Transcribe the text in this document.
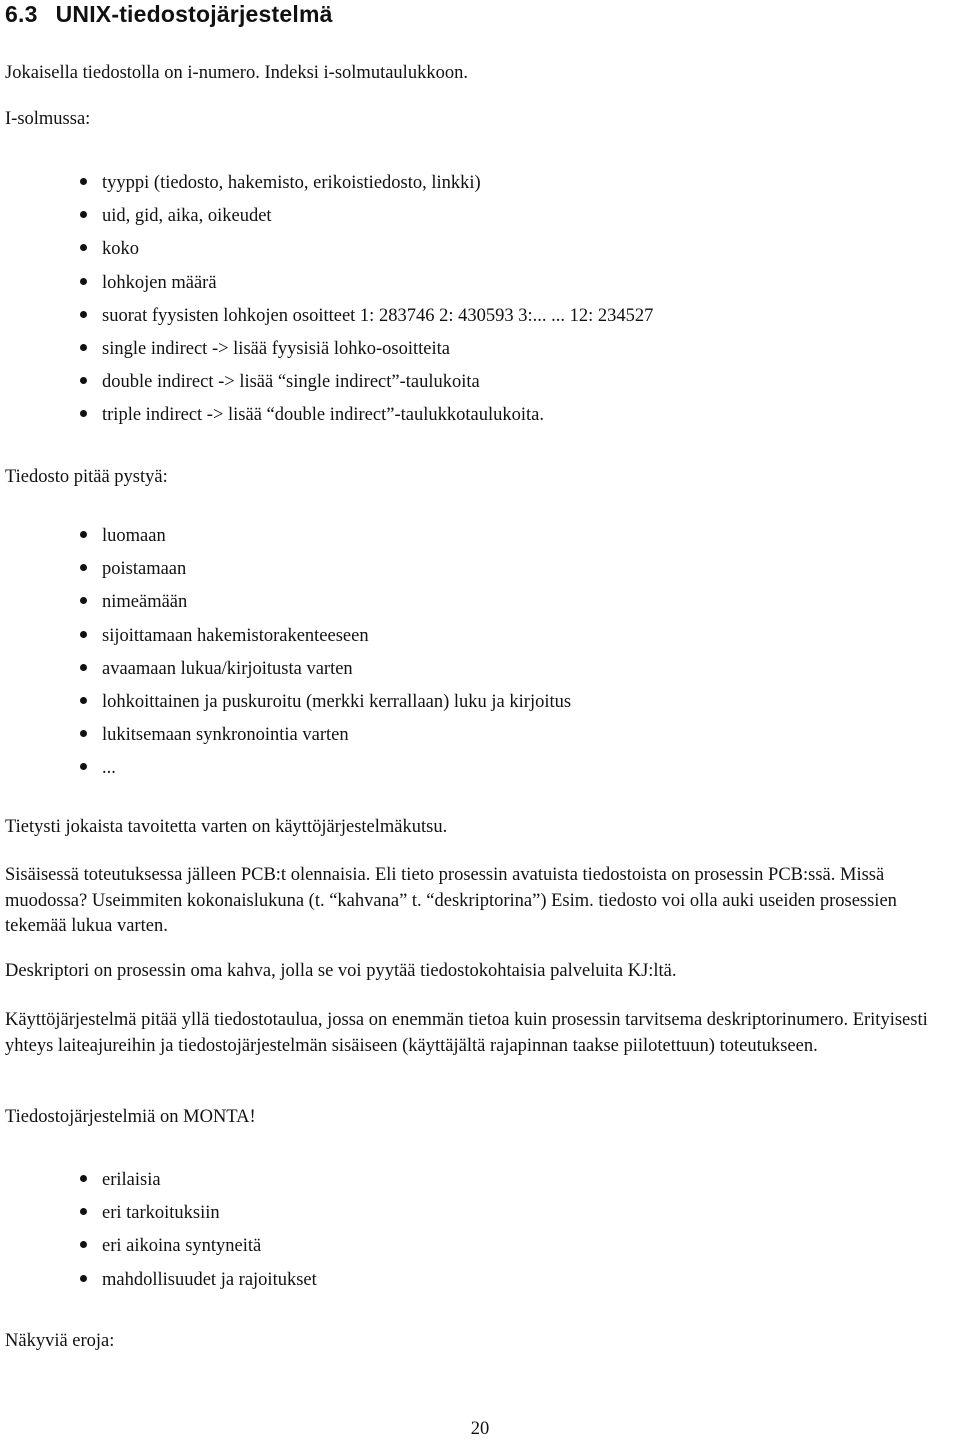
6.3 UNIX-tiedostojärjestelmä

Jokaisella tiedostolla on i-numero. Indeksi i-solmutaulukkoon.

I-solmussa:

tyyppi (tiedosto, hakemisto, erikoistiedosto, linkki)
uid, gid, aika, oikeudet
koko
lohkojen määrä
suorat fyysisten lohkojen osoitteet 1: 283746 2: 430593 3:... ... 12: 234527
single indirect -> lisää fyysisiä lohko-osoitteita
double indirect -> lisää “single indirect”-taulukoita
triple indirect -> lisää “double indirect”-taulukkotaulukoita.

Tiedosto pitää pystyä:

luomaan
poistamaan
nimeämään
sijoittamaan hakemistorakenteeseen
avaamaan lukua/kirjoitusta varten
lohkoittainen ja puskuroitu (merkki kerrallaan) luku ja kirjoitus
lukitsemaan synkronointia varten
...

Tietysti jokaista tavoitetta varten on käyttöjärjestelmäkutsu.

Sisäisessä toteutuksessa jälleen PCB:t olennaisia. Eli tieto prosessin avatuista tiedostoista on prosessin PCB:ssä. Missä muodossa? Useimmiten kokonaislukuna (t. “kahvana” t. “deskriptorina”) Esim. tiedosto voi olla auki useiden prosessien tekemää lukua varten.

Deskriptori on prosessin oma kahva, jolla se voi pyytää tiedostokohtaisia palveluita KJ:ltä.

Käyttöjärjestelmä pitää yllä tiedostotaulua, jossa on enemmän tietoa kuin prosessin tarvitsema deskriptorinumero. Erityisesti yhteys laiteajureihin ja tiedostojärjestelmän sisäiseen (käyttäjältä rajapinnan taakse piilotettuun) toteutukseen.

Tiedostojärjestelmiä on MONTA!

erilaisia
eri tarkoituksiin
eri aikoina syntyneitä
mahdollisuudet ja rajoitukset

Näkyviä eroja:

20
